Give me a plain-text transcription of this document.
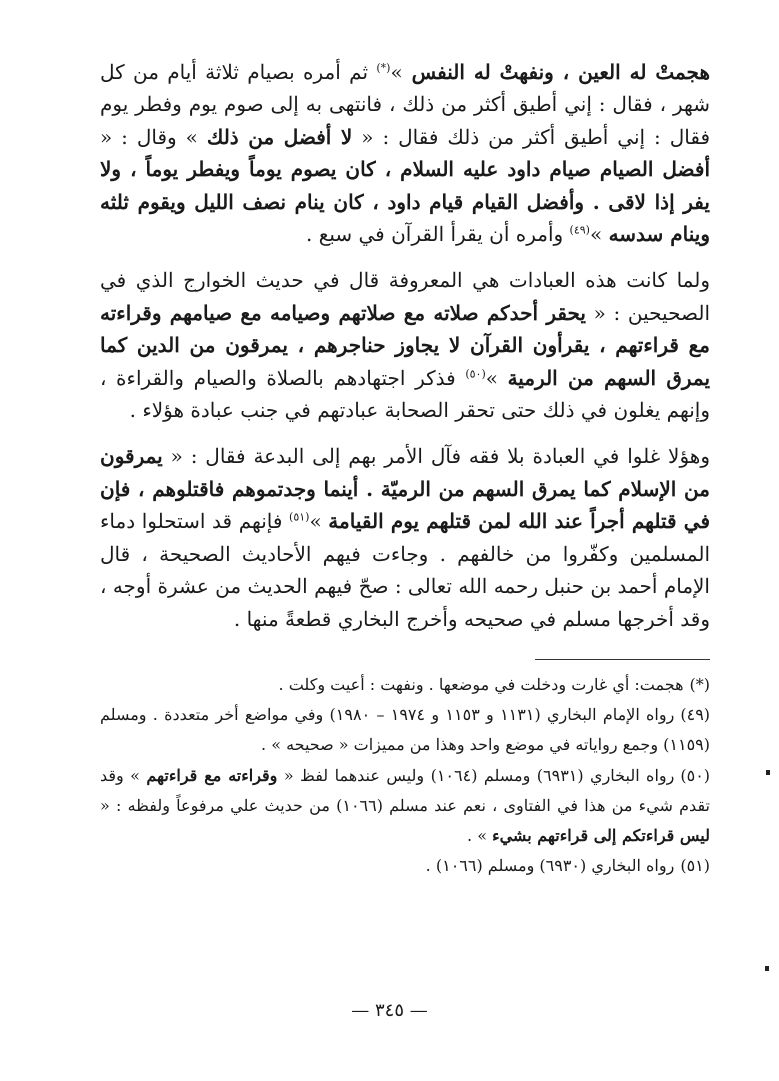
هجمتْ له العين ، ونفهتْ له النفس »(*) ثم أمره بصيام ثلاثة أيام من كل شهر ، فقال : إني أطيق أكثر من ذلك ، فانتهى به إلى صوم يوم وفطر يوم فقال : إني أطيق أكثر من ذلك فقال : « لا أفضل من ذلك » وقال : « أفضل الصيام صيام داود عليه السلام ، كان يصوم يوماً ويفطر يوماً ، ولا يفر إذا لاقى . وأفضل القيام قيام داود ، كان ينام نصف الليل ويقوم ثلثه وينام سدسه »$^{(٤٩)}$ وأمره أن يقرأ القرآن في سبع .

ولما كانت هذه العبادات هي المعروفة قال في حديث الخوارج الذي في الصحيحين : « يحقر أحدكم صلاته مع صلاتهم وصيامه مع صيامهم وقراءته مع قراءتهم ، يقرأون القرآن لا يجاوز حناجرهم ، يمرقون من الدين كما يمرق السهم من الرمية »$^{(٥٠)}$ فذكر اجتهادهم بالصلاة والصيام والقراءة ، وإنهم يغلون في ذلك حتى تحقر الصحابة عبادتهم في جنب عبادة هؤلاء .

وهؤلا غلوا في العبادة بلا فقه فآل الأمر بهم إلى البدعة فقال : « يمرقون من الإسلام كما يمرق السهم من الرميّة . أينما وجدتموهم فاقتلوهم ، فإن في قتلهم أجراً عند الله لمن قتلهم يوم القيامة »$^{(٥١)}$ فإنهم قد استحلوا دماء المسلمين وكفّروا من خالفهم . وجاءت فيهم الأحاديث الصحيحة ، قال الإمام أحمد بن حنبل رحمه الله تعالى : صحّ فيهم الحديث من عشرة أوجه ، وقد أخرجها مسلم في صحيحه وأخرج البخاري قطعةً منها .

(*)هجمت: أي غارت ودخلت في موضعها . ونفهت : أعيت وكلت .

(٤٩)رواه الإمام البخاري (١١٣١ و ١١٥٣ و ١٩٧٤ – ١٩٨٠) وفي مواضع أخر متعددة . ومسلم (١١٥٩) وجمع رواياته في موضع واحد وهذا من مميزات « صحيحه » .

(٥٠)رواه البخاري (٦٩٣١) ومسلم (١٠٦٤) وليس عندهما لفظ « وقراءته مع قراءتهم » وقد تقدم شيء من هذا في الفتاوى ، نعم عند مسلم (١٠٦٦) من حديث علي مرفوعاً ولفظه : « ليس قراءتكم إلى قراءتهم بشيء » .

(٥١)رواه البخاري (٦٩٣٠) ومسلم (١٠٦٦) .

— ٣٤٥ —
